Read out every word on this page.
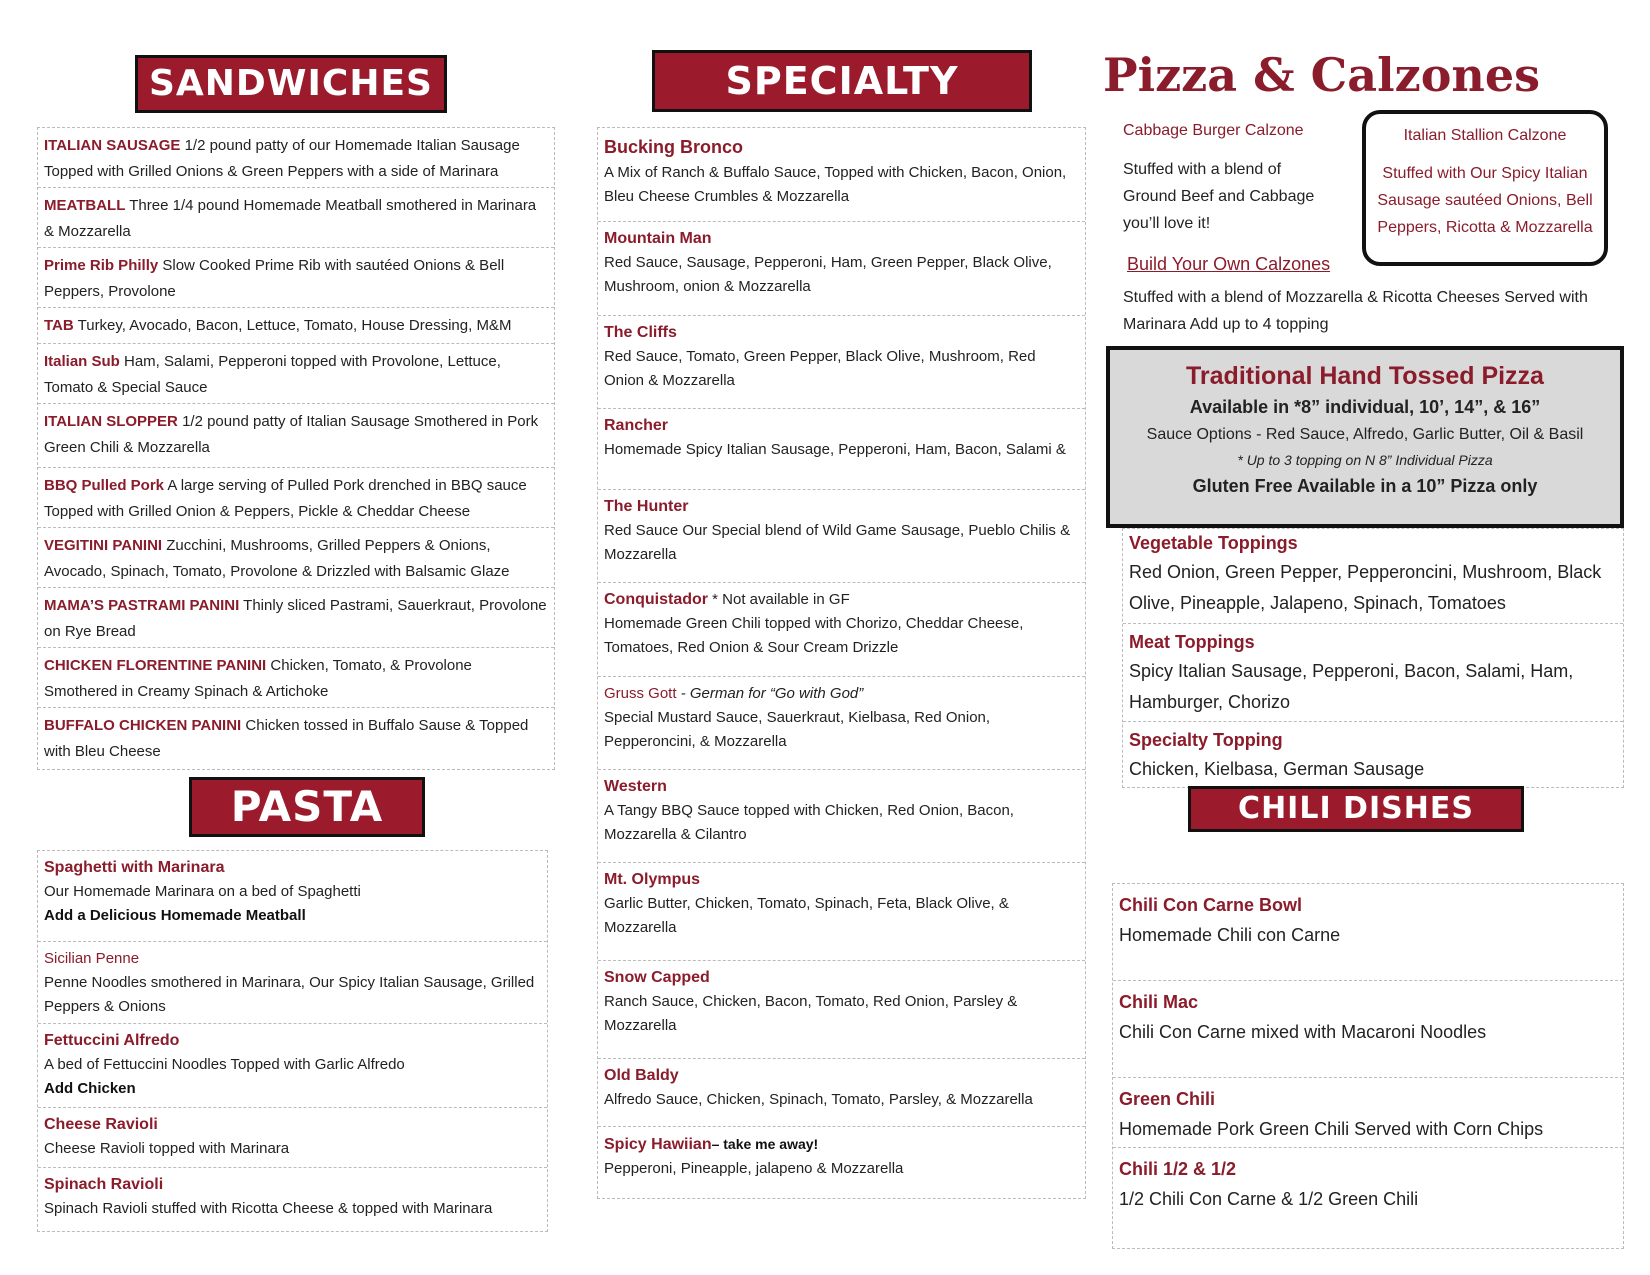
SANDWICHES
ITALIAN SAUSAGE 1/2 pound patty of our Homemade Italian Sausage Topped with Grilled Onions & Green Peppers with a side of Marinara
MEATBALL Three 1/4 pound Homemade Meatball smothered in Marinara & Mozzarella
Prime Rib Philly Slow Cooked Prime Rib with sautéed Onions & Bell Peppers, Provolone
TAB Turkey, Avocado, Bacon, Lettuce, Tomato, House Dressing, M&M
Italian Sub Ham, Salami, Pepperoni topped with Provolone, Lettuce, Tomato & Special Sauce
ITALIAN SLOPPER 1/2 pound patty of Italian Sausage Smothered in Pork Green Chili & Mozzarella
BBQ Pulled Pork A large serving of Pulled Pork drenched in BBQ sauce Topped with Grilled Onion & Peppers, Pickle & Cheddar Cheese
VEGITINI PANINI Zucchini, Mushrooms, Grilled Peppers & Onions, Avocado, Spinach, Tomato, Provolone & Drizzled with Balsamic Glaze
MAMA’S PASTRAMI PANINI Thinly sliced Pastrami, Sauerkraut, Provolone on Rye Bread
CHICKEN FLORENTINE PANINI Chicken, Tomato, & Provolone Smothered in Creamy Spinach & Artichoke
BUFFALO CHICKEN PANINI Chicken tossed in Buffalo Sause & Topped with Bleu Cheese
PASTA
Spaghetti with Marinara
Our Homemade Marinara on a bed of Spaghetti
Add a Delicious Homemade Meatball
Sicilian Penne
Penne Noodles smothered in Marinara, Our Spicy Italian Sausage, Grilled Peppers & Onions
Fettuccini Alfredo
A bed of Fettuccini Noodles Topped with Garlic Alfredo
Add Chicken
Cheese Ravioli
Cheese Ravioli topped with Marinara
Spinach Ravioli
Spinach Ravioli stuffed with Ricotta Cheese & topped with Marinara
SPECIALTY PIZZA
Bucking Bronco
A Mix of Ranch & Buffalo Sauce, Topped with Chicken, Bacon, Onion, Bleu Cheese Crumbles & Mozzarella
Mountain Man
Red Sauce, Sausage, Pepperoni, Ham, Green Pepper, Black Olive, Mushroom, onion & Mozzarella
The Cliffs
Red Sauce, Tomato, Green Pepper, Black Olive, Mushroom, Red Onion & Mozzarella
Rancher
Homemade Spicy Italian Sausage, Pepperoni, Ham, Bacon, Salami &
The Hunter
Red Sauce Our Special blend of Wild Game Sausage, Pueblo Chilis & Mozzarella
Conquistador * Not available in GF
Homemade Green Chili topped with Chorizo, Cheddar Cheese, Tomatoes, Red Onion & Sour Cream Drizzle
Gruss Gott - German for “Go with God”
Special Mustard Sauce, Sauerkraut, Kielbasa, Red Onion, Pepperoncini, & Mozzarella
Western
A Tangy BBQ Sauce topped with Chicken, Red Onion, Bacon, Mozzarella & Cilantro
Mt. Olympus
Garlic Butter, Chicken, Tomato, Spinach, Feta, Black Olive, & Mozzarella
Snow Capped
Ranch Sauce, Chicken, Bacon, Tomato, Red Onion, Parsley & Mozzarella
Old Baldy
Alfredo Sauce, Chicken, Spinach, Tomato, Parsley, & Mozzarella
Spicy Hawiian– take me away!
Pepperoni, Pineapple, jalapeno & Mozzarella
Pizza & Calzones
Cabbage Burger Calzone
Stuffed with a blend of Ground Beef and Cabbage you’ll love it!
Italian Stallion Calzone
Stuffed with Our Spicy Italian Sausage sautéed Onions, Bell Peppers, Ricotta & Mozzarella
Build Your Own Calzones
Stuffed with a blend of Mozzarella & Ricotta Cheeses Served with Marinara Add up to 4 topping
Traditional Hand Tossed Pizza
Available in *8” individual, 10’, 14”, & 16”
Sauce Options - Red Sauce, Alfredo, Garlic Butter, Oil & Basil
* Up to 3 topping on N 8” Individual Pizza
Gluten Free Available in a 10” Pizza only
Vegetable Toppings
Red Onion, Green Pepper, Pepperoncini, Mushroom, Black Olive, Pineapple, Jalapeno, Spinach, Tomatoes
Meat Toppings
Spicy Italian Sausage, Pepperoni, Bacon, Salami, Ham, Hamburger, Chorizo
Specialty Topping
Chicken, Kielbasa, German Sausage
CHILI DISHES
Chili Con Carne Bowl
Homemade Chili con Carne
Chili Mac
Chili Con Carne mixed with Macaroni Noodles
Green Chili
Homemade Pork Green Chili Served with Corn Chips
Chili 1/2 & 1/2
1/2 Chili Con Carne & 1/2 Green Chili
